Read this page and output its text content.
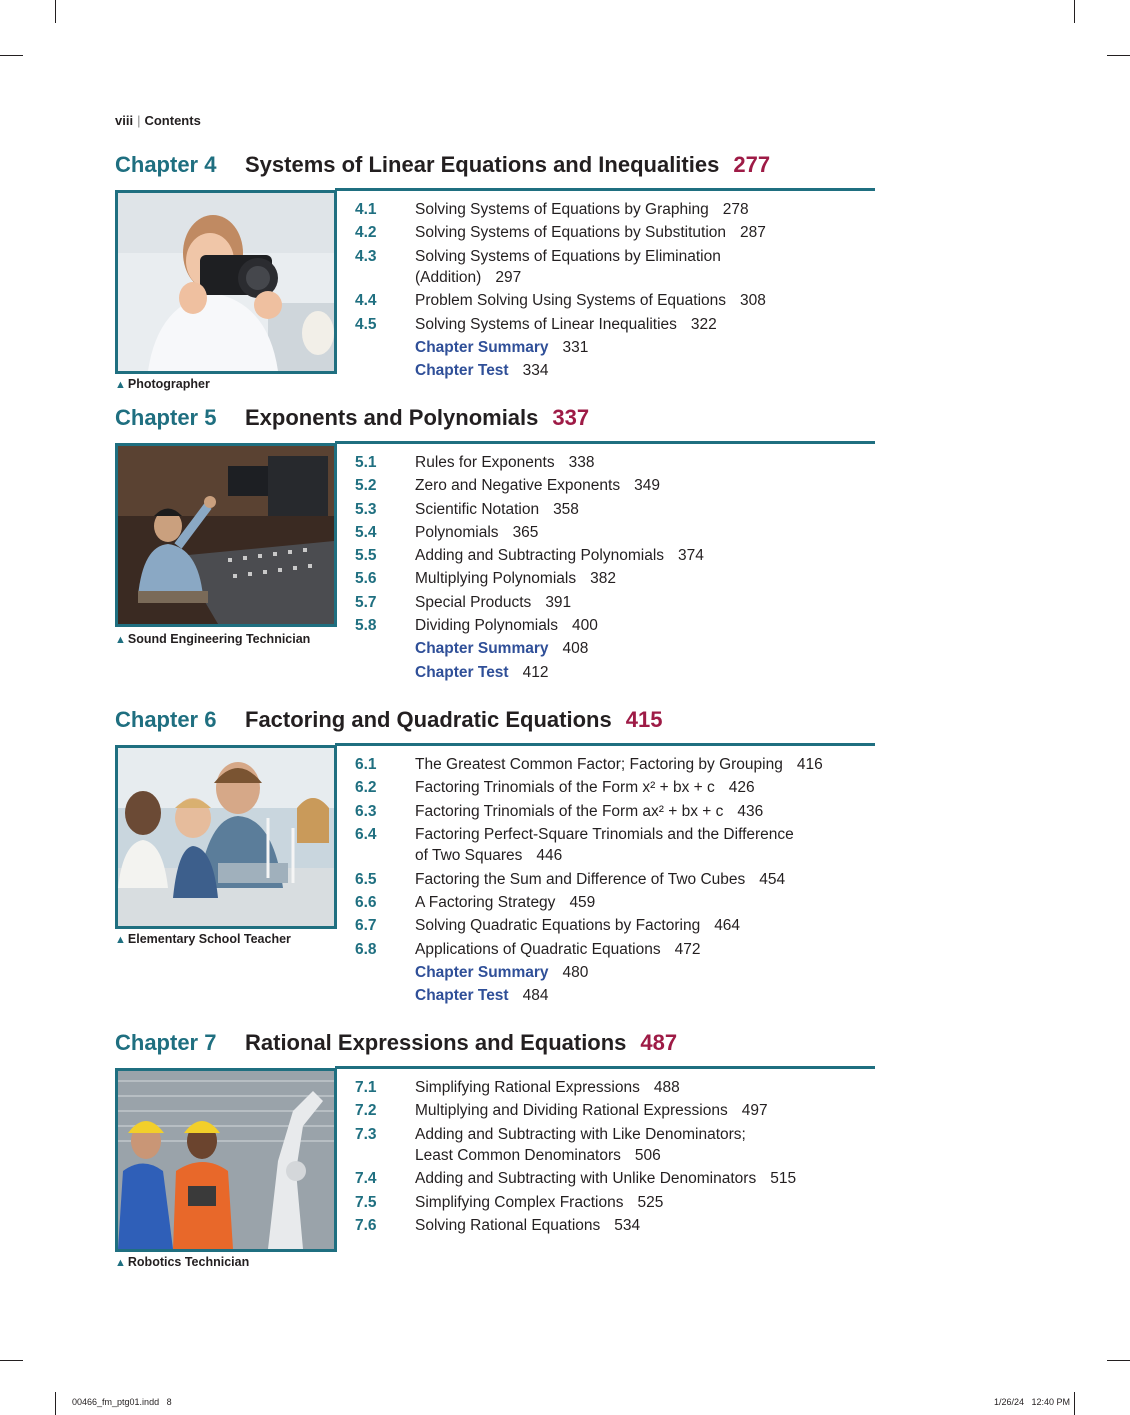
viii | Contents
Chapter 4 Systems of Linear Equations and Inequalities 277
▲ Photographer
4.1 Solving Systems of Equations by Graphing 278
4.2 Solving Systems of Equations by Substitution 287
4.3 Solving Systems of Equations by Elimination
(Addition) 297
4.4 Problem Solving Using Systems of Equations 308
4.5 Solving Systems of Linear Inequalities 322
Chapter Summary 331
Chapter Test 334
Chapter 5 Exponents and Polynomials 337
▲ Sound Engineering Technician
5.1 Rules for Exponents 338
5.2 Zero and Negative Exponents 349
5.3 Scientific Notation 358
5.4 Polynomials 365
5.5 Adding and Subtracting Polynomials 374
5.6 Multiplying Polynomials 382
5.7 Special Products 391
5.8 Dividing Polynomials 400
Chapter Summary 408
Chapter Test 412
Chapter 6 Factoring and Quadratic Equations 415
▲ Elementary School Teacher
6.1 The Greatest Common Factor; Factoring by Grouping 416
6.2 Factoring Trinomials of the Form x² + bx + c 426
6.3 Factoring Trinomials of the Form ax² + bx + c 436
6.4 Factoring Perfect-Square Trinomials and the Difference
of Two Squares 446
6.5 Factoring the Sum and Difference of Two Cubes 454
6.6 A Factoring Strategy 459
6.7 Solving Quadratic Equations by Factoring 464
6.8 Applications of Quadratic Equations 472
Chapter Summary 480
Chapter Test 484
Chapter 7 Rational Expressions and Equations 487
▲ Robotics Technician
7.1 Simplifying Rational Expressions 488
7.2 Multiplying and Dividing Rational Expressions 497
7.3 Adding and Subtracting with Like Denominators;
Least Common Denominators 506
7.4 Adding and Subtracting with Unlike Denominators 515
7.5 Simplifying Complex Fractions 525
7.6 Solving Rational Equations 534
00466_fm_ptg01.indd   8	1/26/24   12:40 PM
